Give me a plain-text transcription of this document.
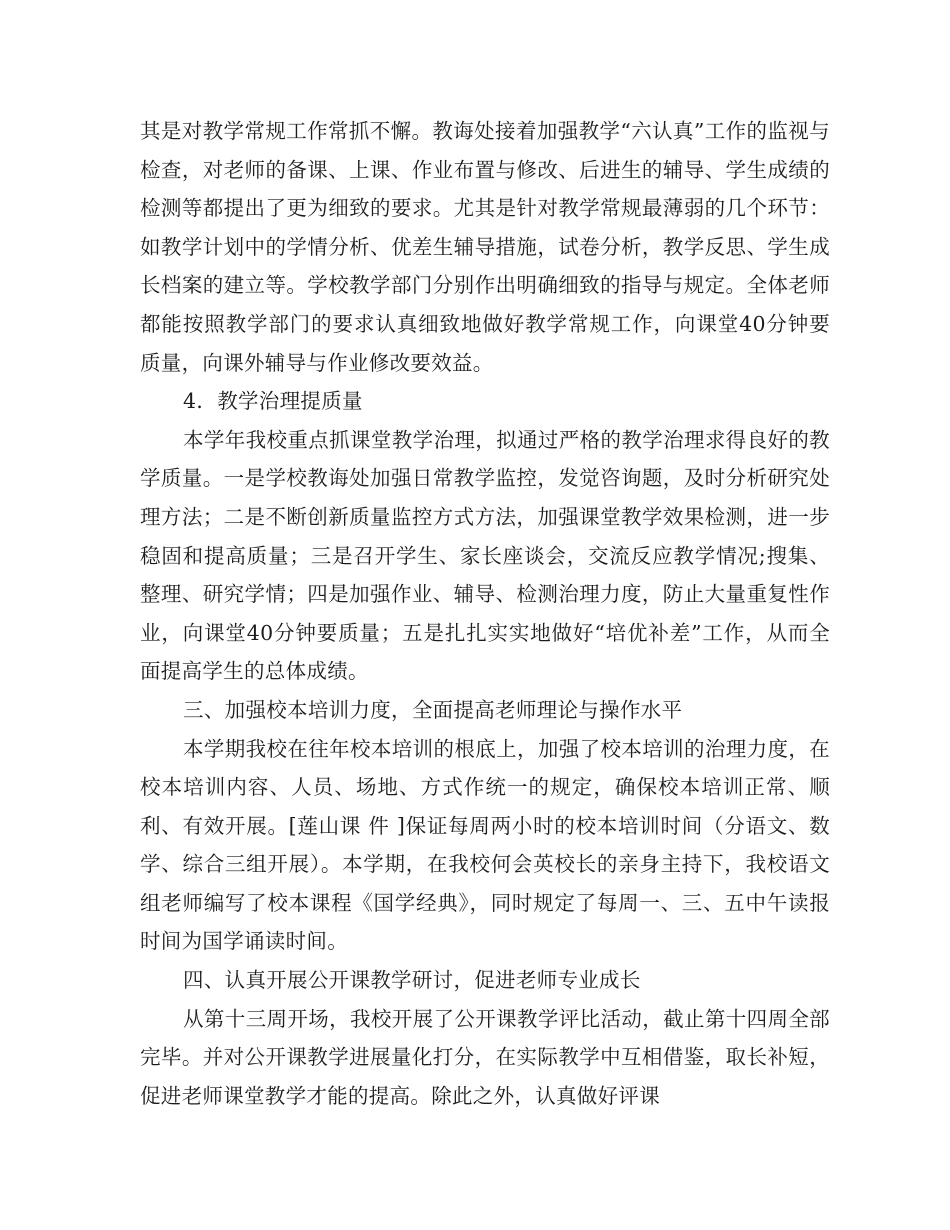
其是对教学常规工作常抓不懈。教诲处接着加强教学“六认真”工作的监视与检查，对老师的备课、上课、作业布置与修改、后进生的辅导、学生成绩的检测等都提出了更为细致的要求。尤其是针对教学常规最薄弱的几个环节：如教学计划中的学情分析、优差生辅导措施，试卷分析，教学反思、学生成长档案的建立等。学校教学部门分别作出明确细致的指导与规定。全体老师都能按照教学部门的要求认真细致地做好教学常规工作，向课堂40分钟要质量，向课外辅导与作业修改要效益。

4．教学治理提质量

本学年我校重点抓课堂教学治理，拟通过严格的教学治理求得良好的教学质量。一是学校教诲处加强日常教学监控，发觉咨询题，及时分析研究处理方法；二是不断创新质量监控方式方法，加强课堂教学效果检测，进一步稳固和提高质量；三是召开学生、家长座谈会，交流反应教学情况;搜集、整理、研究学情；四是加强作业、辅导、检测治理力度，防止大量重复性作业，向课堂40分钟要质量；五是扎扎实实地做好“培优补差”工作，从而全面提高学生的总体成绩。

三、加强校本培训力度，全面提高老师理论与操作水平

本学期我校在往年校本培训的根底上，加强了校本培训的治理力度，在校本培训内容、人员、场地、方式作统一的规定，确保校本培训正常、顺利、有效开展。[莲山课 件 ]保证每周两小时的校本培训时间（分语文、数学、综合三组开展）。本学期，在我校何会英校长的亲身主持下，我校语文组老师编写了校本课程《国学经典》，同时规定了每周一、三、五中午读报时间为国学诵读时间。

四、认真开展公开课教学研讨，促进老师专业成长

从第十三周开场，我校开展了公开课教学评比活动，截止第十四周全部完毕。并对公开课教学进展量化打分，在实际教学中互相借鉴，取长补短，促进老师课堂教学才能的提高。除此之外，认真做好评课
